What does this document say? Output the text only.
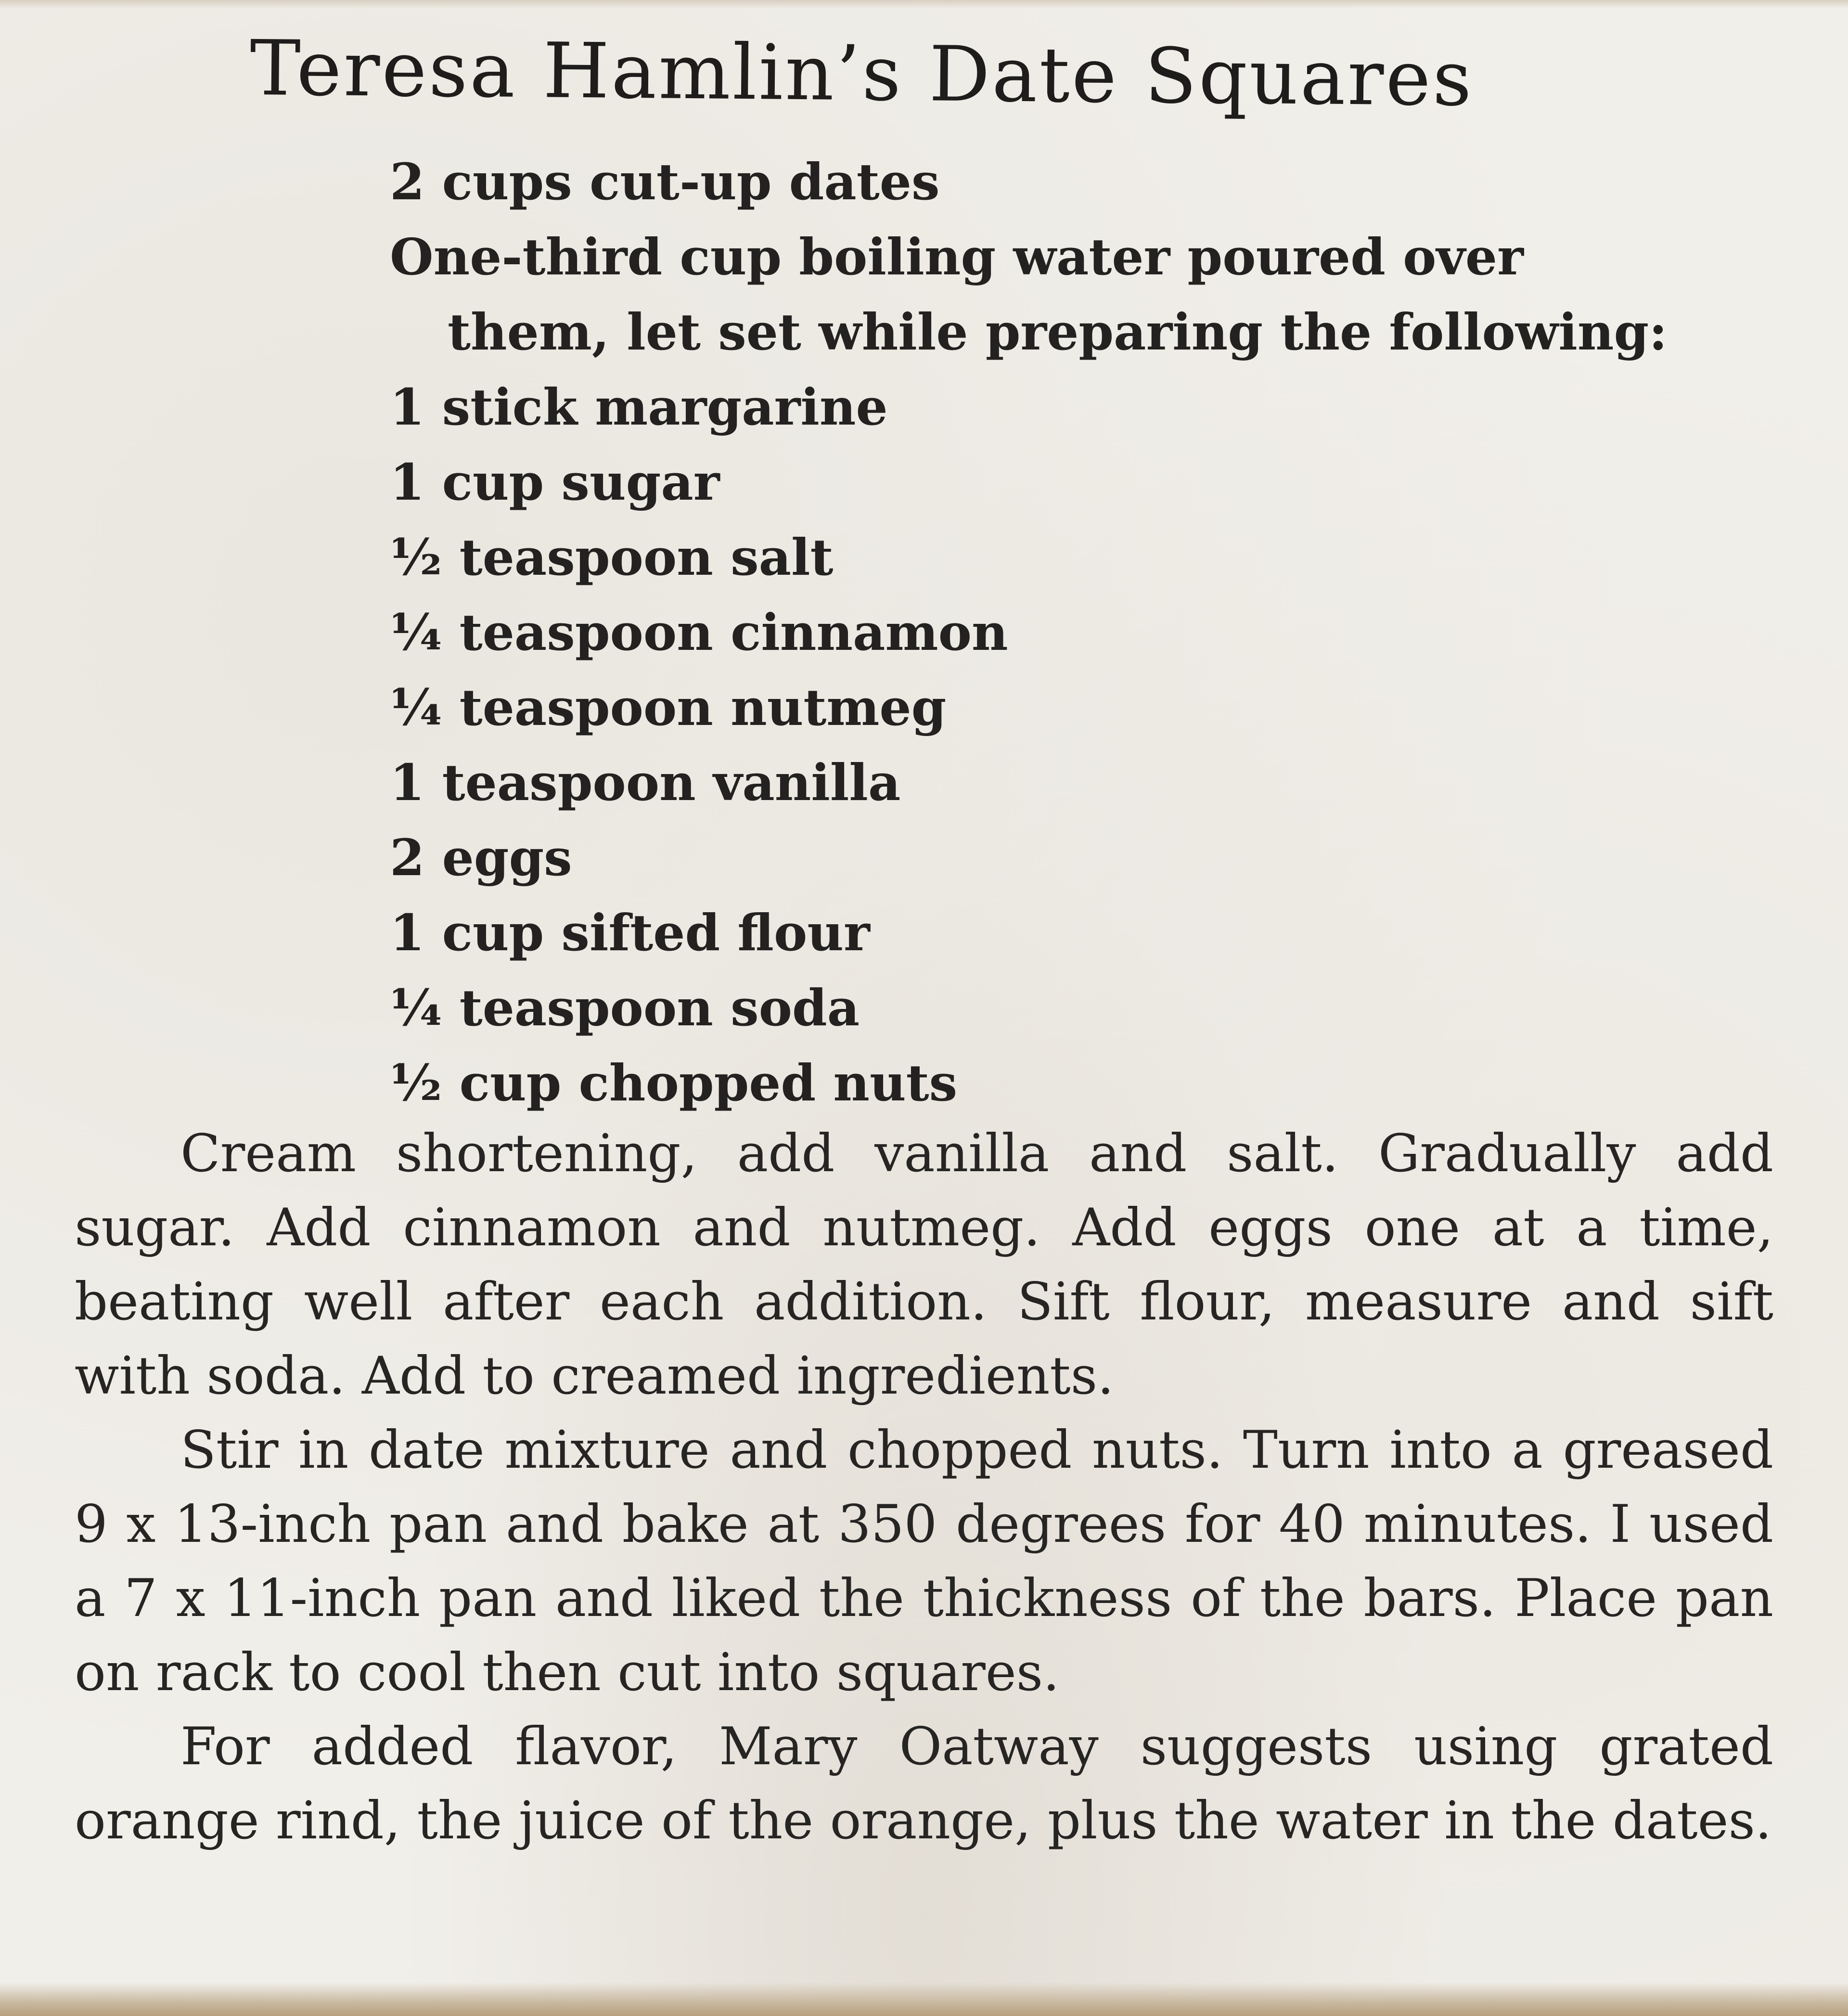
Teresa Hamlin’s Date Squares
2 cups cut-up dates
One-third cup boiling water poured over
them, let set while preparing the following:
1 stick margarine
1 cup sugar
½ teaspoon salt
¼ teaspoon cinnamon
¼ teaspoon nutmeg
1 teaspoon vanilla
2 eggs
1 cup sifted flour
¼ teaspoon soda
½ cup chopped nuts

Cream shortening, add vanilla and salt. Gradually add sugar. Add cinnamon and nutmeg. Add eggs one at a time, beating well after each addition. Sift flour, measure and sift with soda. Add to creamed ingredients.

Stir in date mixture and chopped nuts. Turn into a greased 9 x 13-inch pan and bake at 350 degrees for 40 minutes. I used a 7 x 11-inch pan and liked the thickness of the bars. Place pan on rack to cool then cut into squares.

For added flavor, Mary Oatway suggests using grated orange rind, the juice of the orange, plus the water in the dates.
